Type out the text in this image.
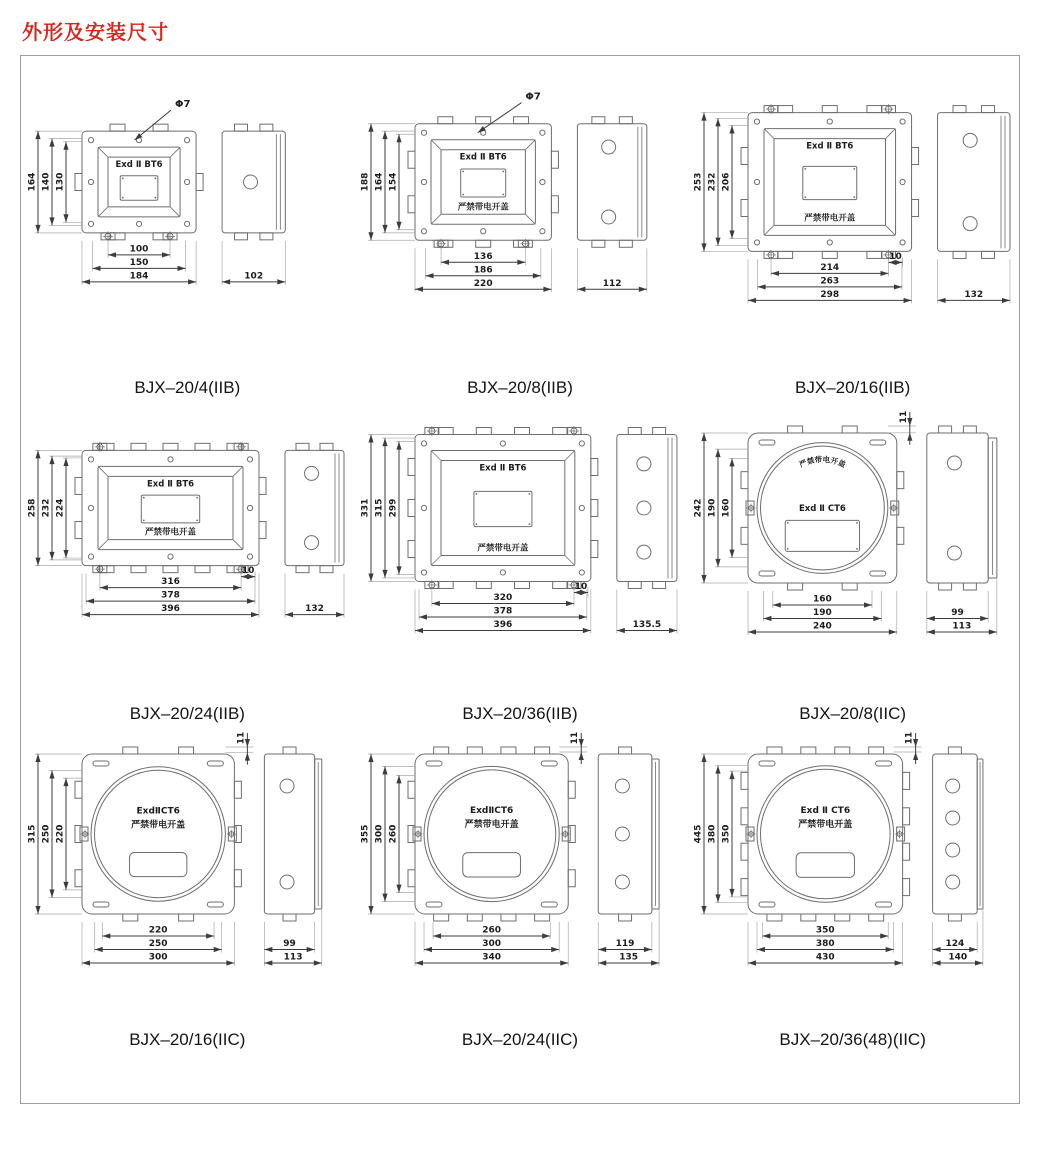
外形及安装尺寸
Exd Ⅱ BT6
164 140 130
100
150
184	102
Φ7
BJX–20/4(IIB)
Exd Ⅱ BT6
严禁带电开盖
188 164 154
136
186
220	112
Φ7
BJX–20/8(IIB)
Exd Ⅱ BT6
严禁带电开盖
253 232 206
214
263
298
10
132
BJX–20/16(IIB)
Exd Ⅱ BT6
严禁带电开盖
258 232 224
316
378
396
10
132
BJX–20/24(IIB)
Exd Ⅱ BT6
严禁带电开盖
331 315 299
320
378
396
10
135.5
BJX–20/36(IIB)
严禁带电开盖
Exd Ⅱ CT6
242 190 160
160
190
240
11
99
113
BJX–20/8(IIC)
ExdⅡCT6
严禁带电开盖
315 250 220
220
250
300
11
99
113
BJX–20/16(IIC)
ExdⅡCT6
严禁带电开盖
355 300 260
260
300
340
11
119
135
BJX–20/24(IIC)
Exd Ⅱ CT6
严禁带电开盖
445 380 350
350
380
430
11
124
140
BJX–20/36(48)(IIC)
